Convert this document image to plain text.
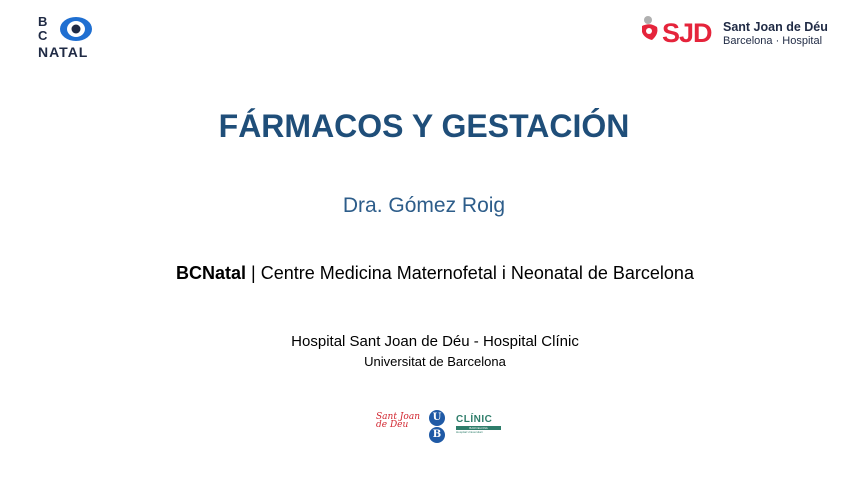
B
C
NATAL
SJD Sant Joan de Déu
Barcelona · Hospital
FÁRMACOS Y GESTACIÓN
Dra. Gómez Roig
BCNatal | Centre Medicina Maternofetal i Neonatal de Barcelona
Hospital Sant Joan de Déu - Hospital Clínic
Universitat de Barcelona
Sant Joan
de Déu

U
B
CLÍNIC
BARCELONA
Hospital Universitari
